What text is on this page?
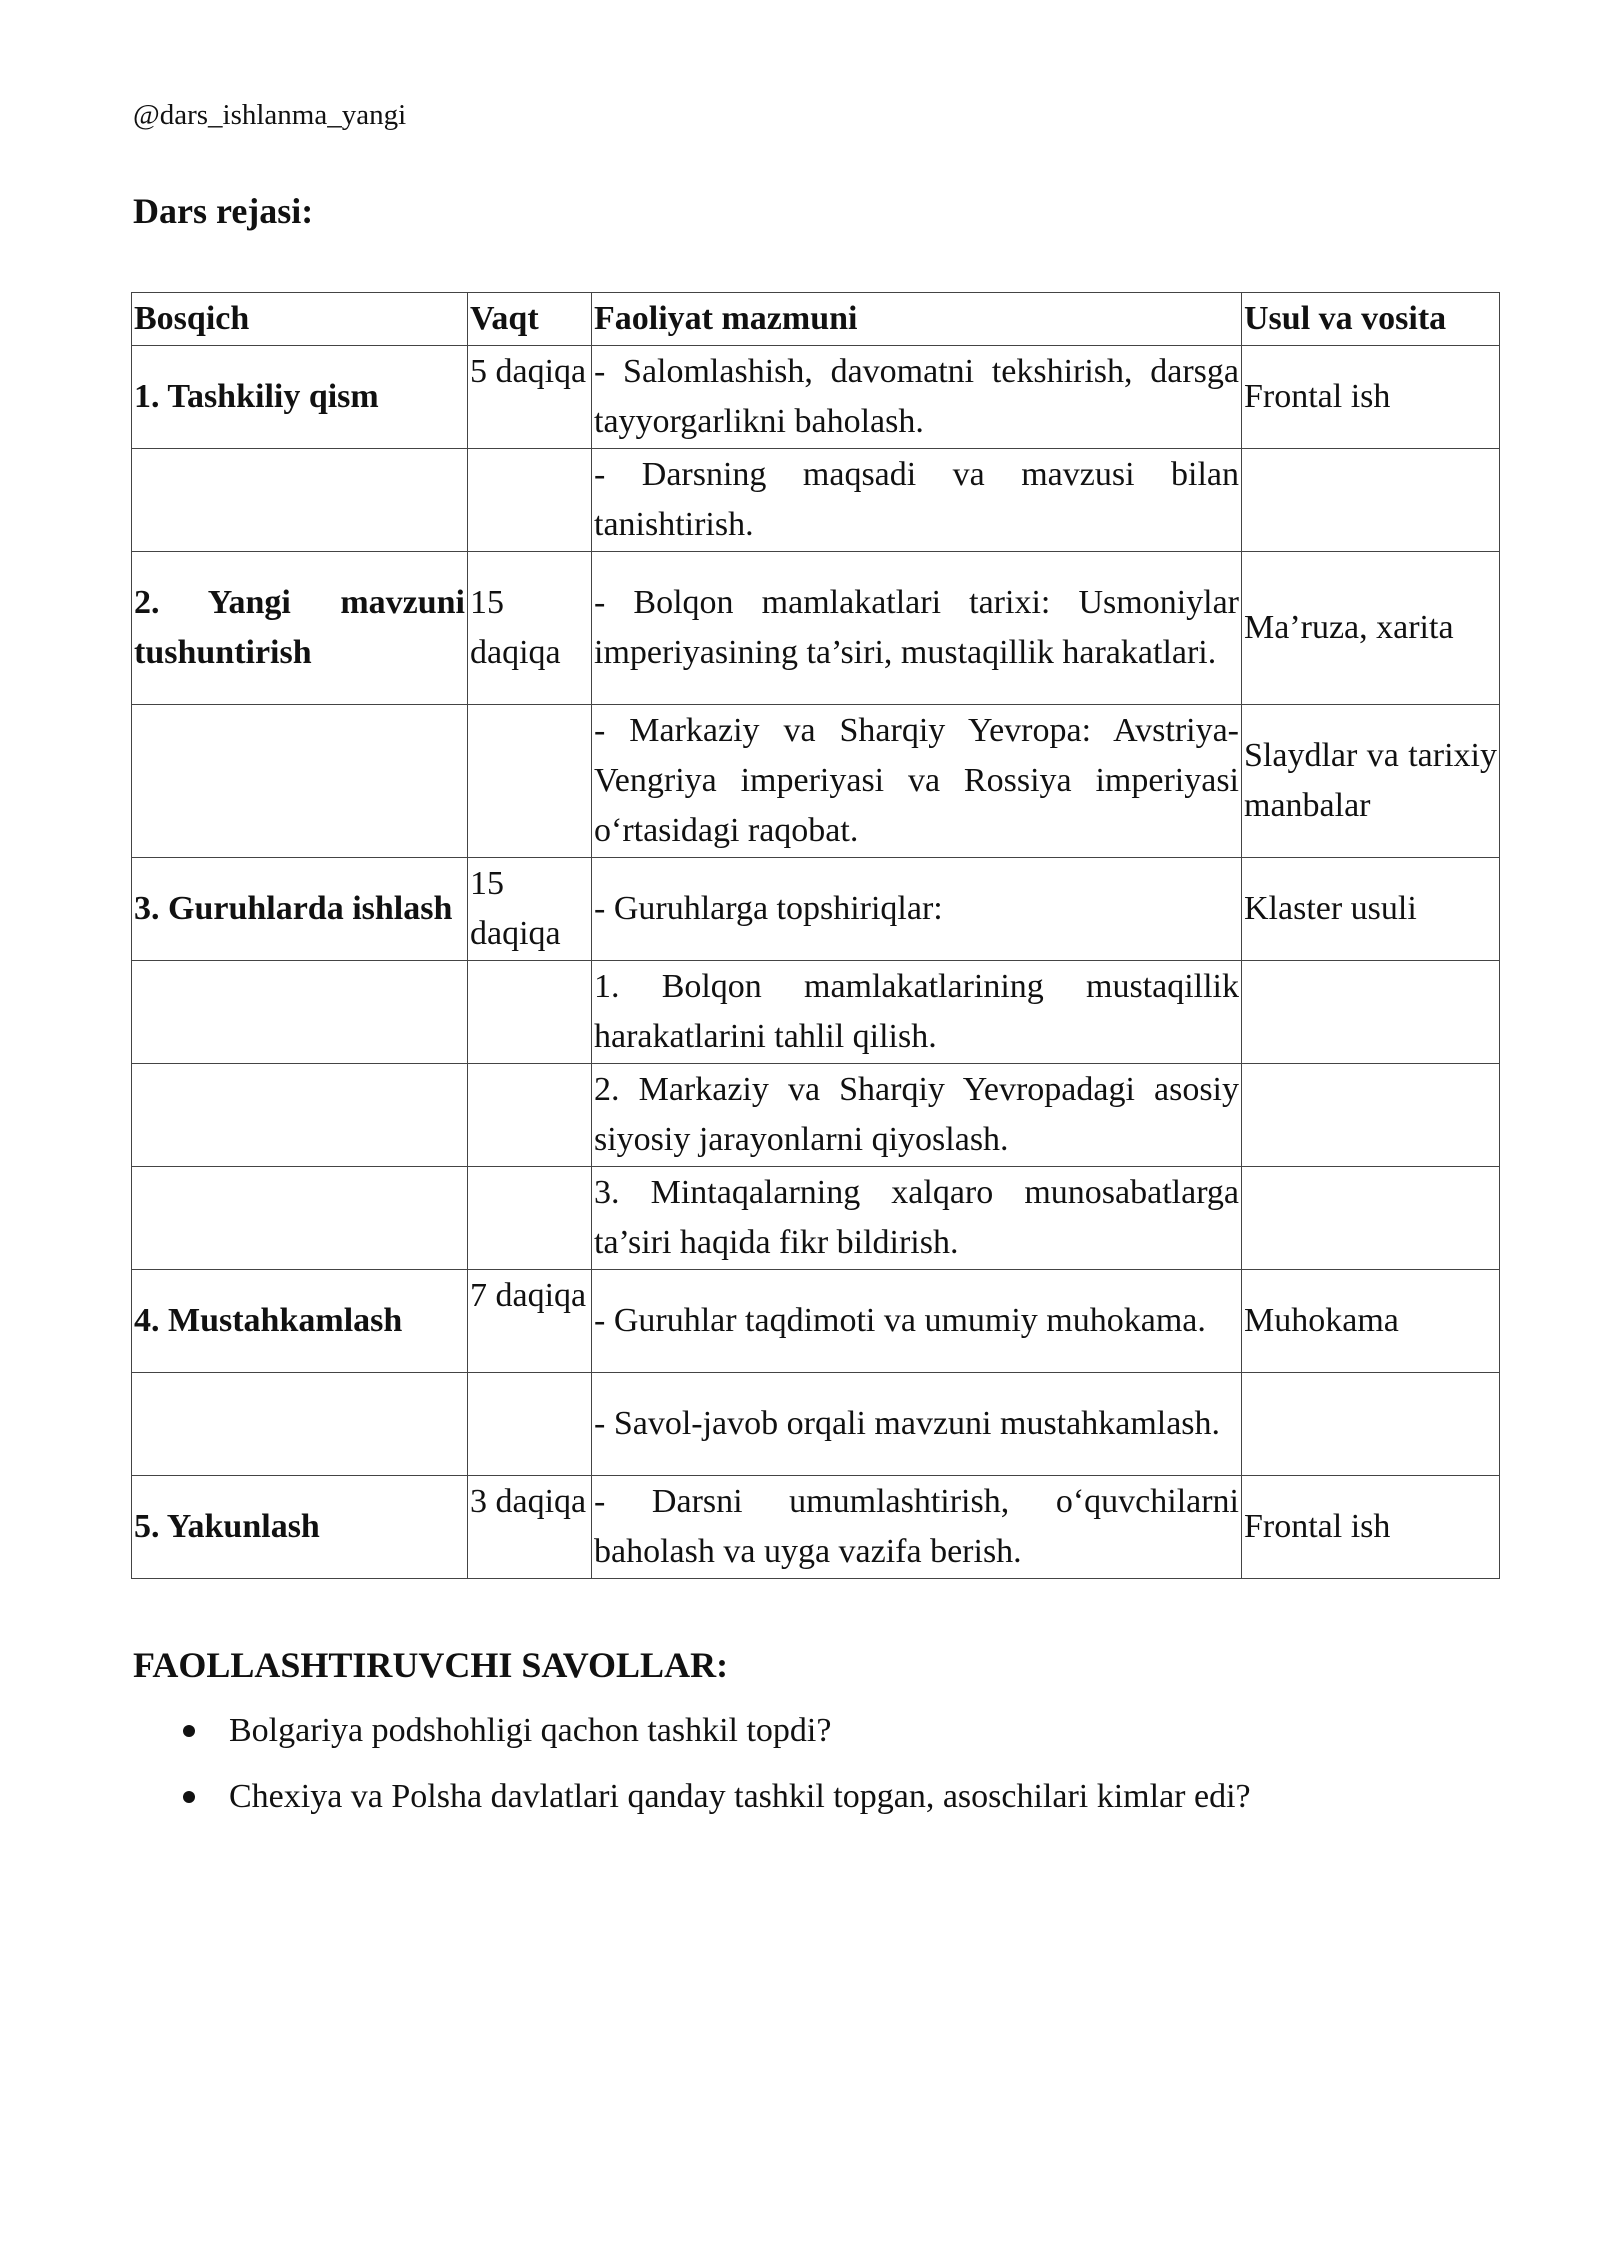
@dars_ishlanma_yangi
Dars rejasi:
Bosqich	Vaqt	Faoliyat mazmuni	Usul va vosita
1. Tashkiliy qism	5 daqiqa	- Salomlashish, davomatni tekshirish, darsga tayyorgarlikni baholash.	Frontal ish
		- Darsning maqsadi va mavzusi bilan tanishtirish.	
2. Yangi mavzuni tushuntirish	15 daqiqa	- Bolqon mamlakatlari tarixi: Usmoniylar imperiyasining ta’siri, mustaqillik harakatlari.	Ma’ruza, xarita
		- Markaziy va Sharqiy Yevropa: Avstriya-Vengriya imperiyasi va Rossiya imperiyasi o‘rtasidagi raqobat.	Slaydlar va tarixiy manbalar
3. Guruhlarda ishlash	15 daqiqa	- Guruhlarga topshiriqlar:	Klaster usuli
		1. Bolqon mamlakatlarining mustaqillik harakatlarini tahlil qilish.	
		2. Markaziy va Sharqiy Yevropadagi asosiy siyosiy jarayonlarni qiyoslash.	
		3. Mintaqalarning xalqaro munosabatlarga ta’siri haqida fikr bildirish.	
4. Mustahkamlash	7 daqiqa	- Guruhlar taqdimoti va umumiy muhokama.	Muhokama
		- Savol-javob orqali mavzuni mustahkamlash.	
5. Yakunlash	3 daqiqa	- Darsni umumlashtirish, o‘quvchilarni baholash va uyga vazifa berish.	Frontal ish
FAOLLASHTIRUVCHI SAVOLLAR:
Bolgariya podshohligi qachon tashkil topdi?
Chexiya va Polsha davlatlari qanday tashkil topgan, asoschilari kimlar edi?
